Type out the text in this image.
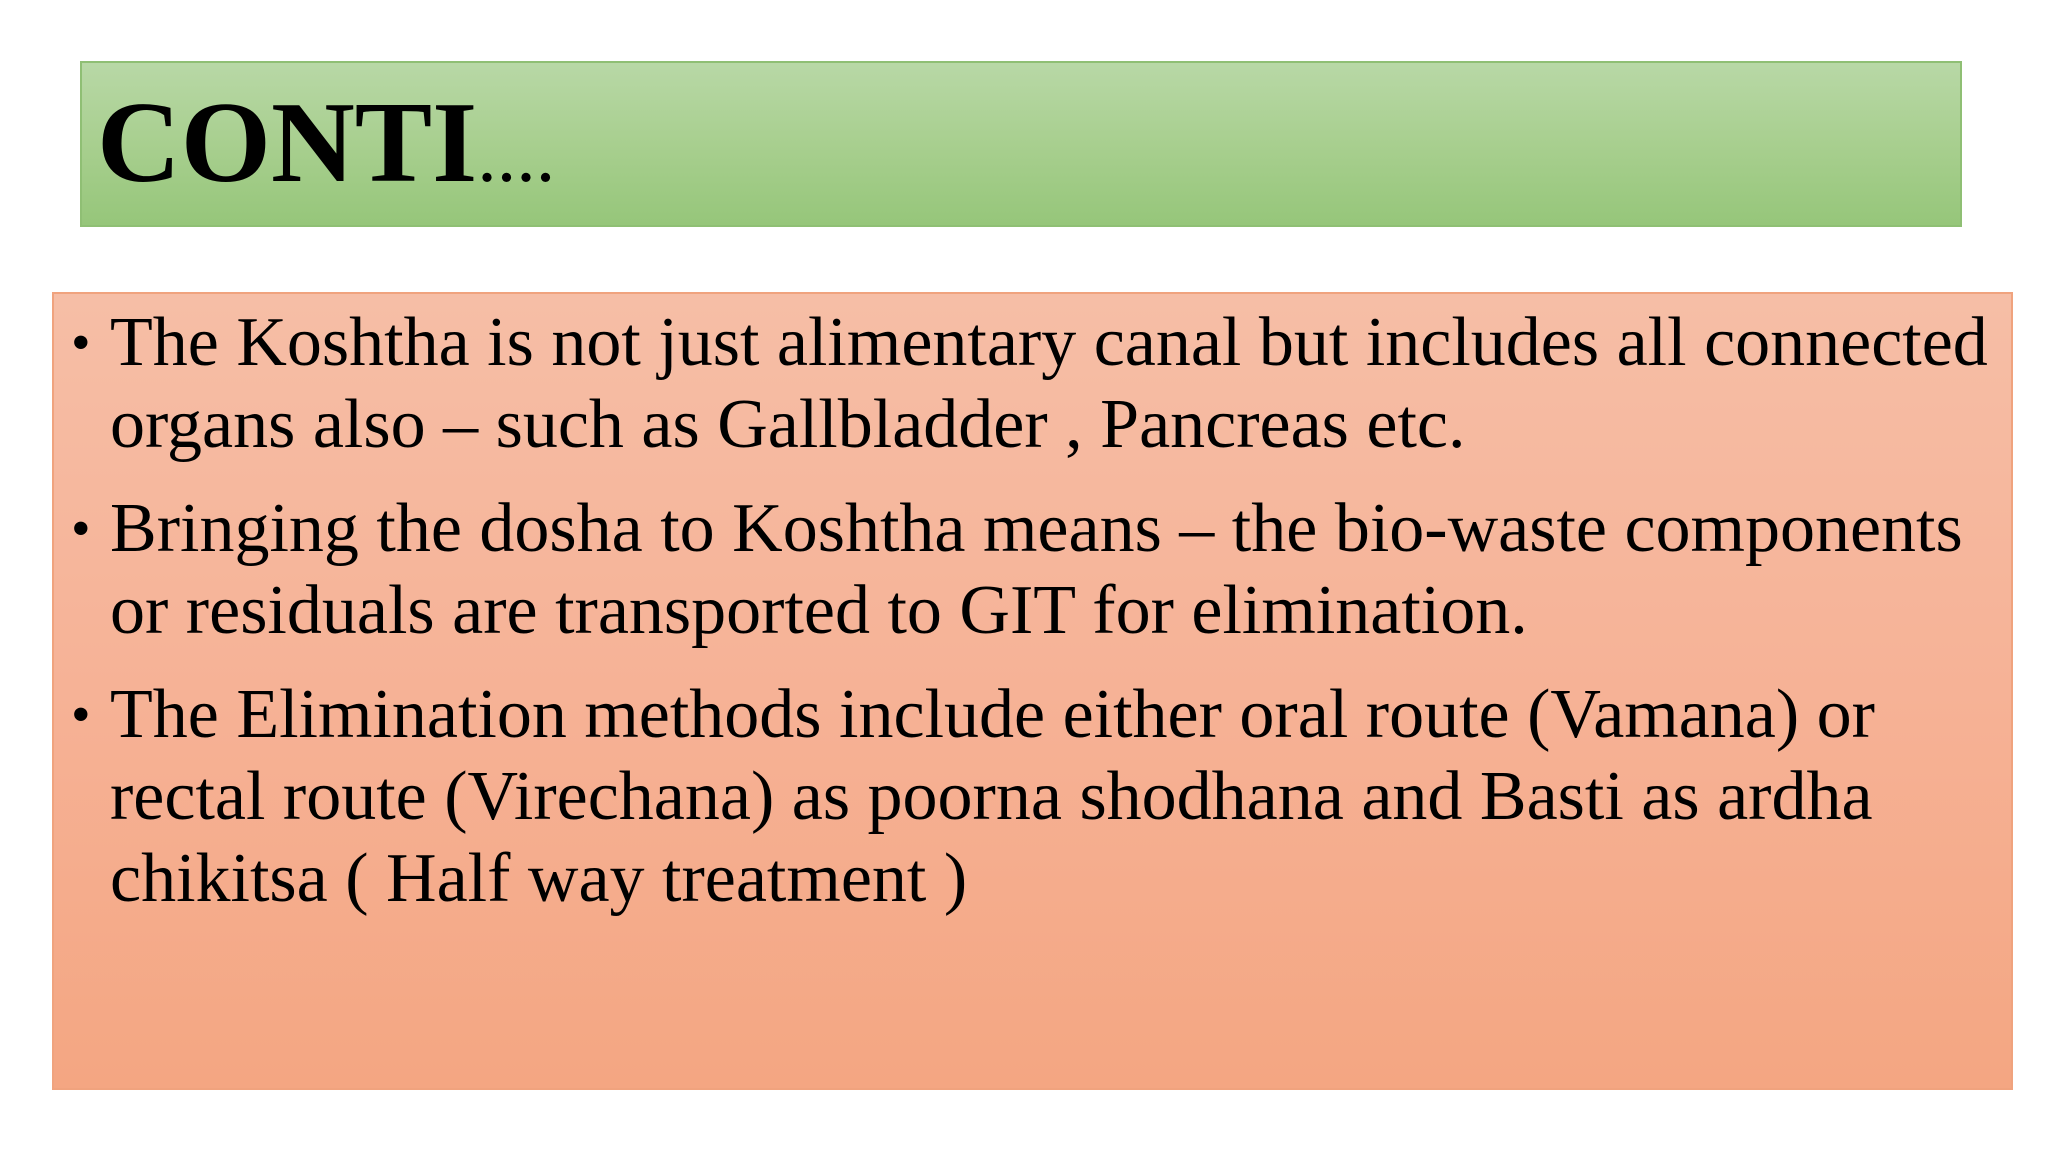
CONTI....
• The Koshtha is not just alimentary canal but includes all connected organs also – such as Gallbladder , Pancreas etc.
• Bringing the dosha to Koshtha means – the bio-waste components or residuals are transported to GIT for elimination.
• The Elimination methods include either oral route (Vamana) or rectal route (Virechana) as poorna shodhana and Basti as ardha chikitsa ( Half way treatment )
